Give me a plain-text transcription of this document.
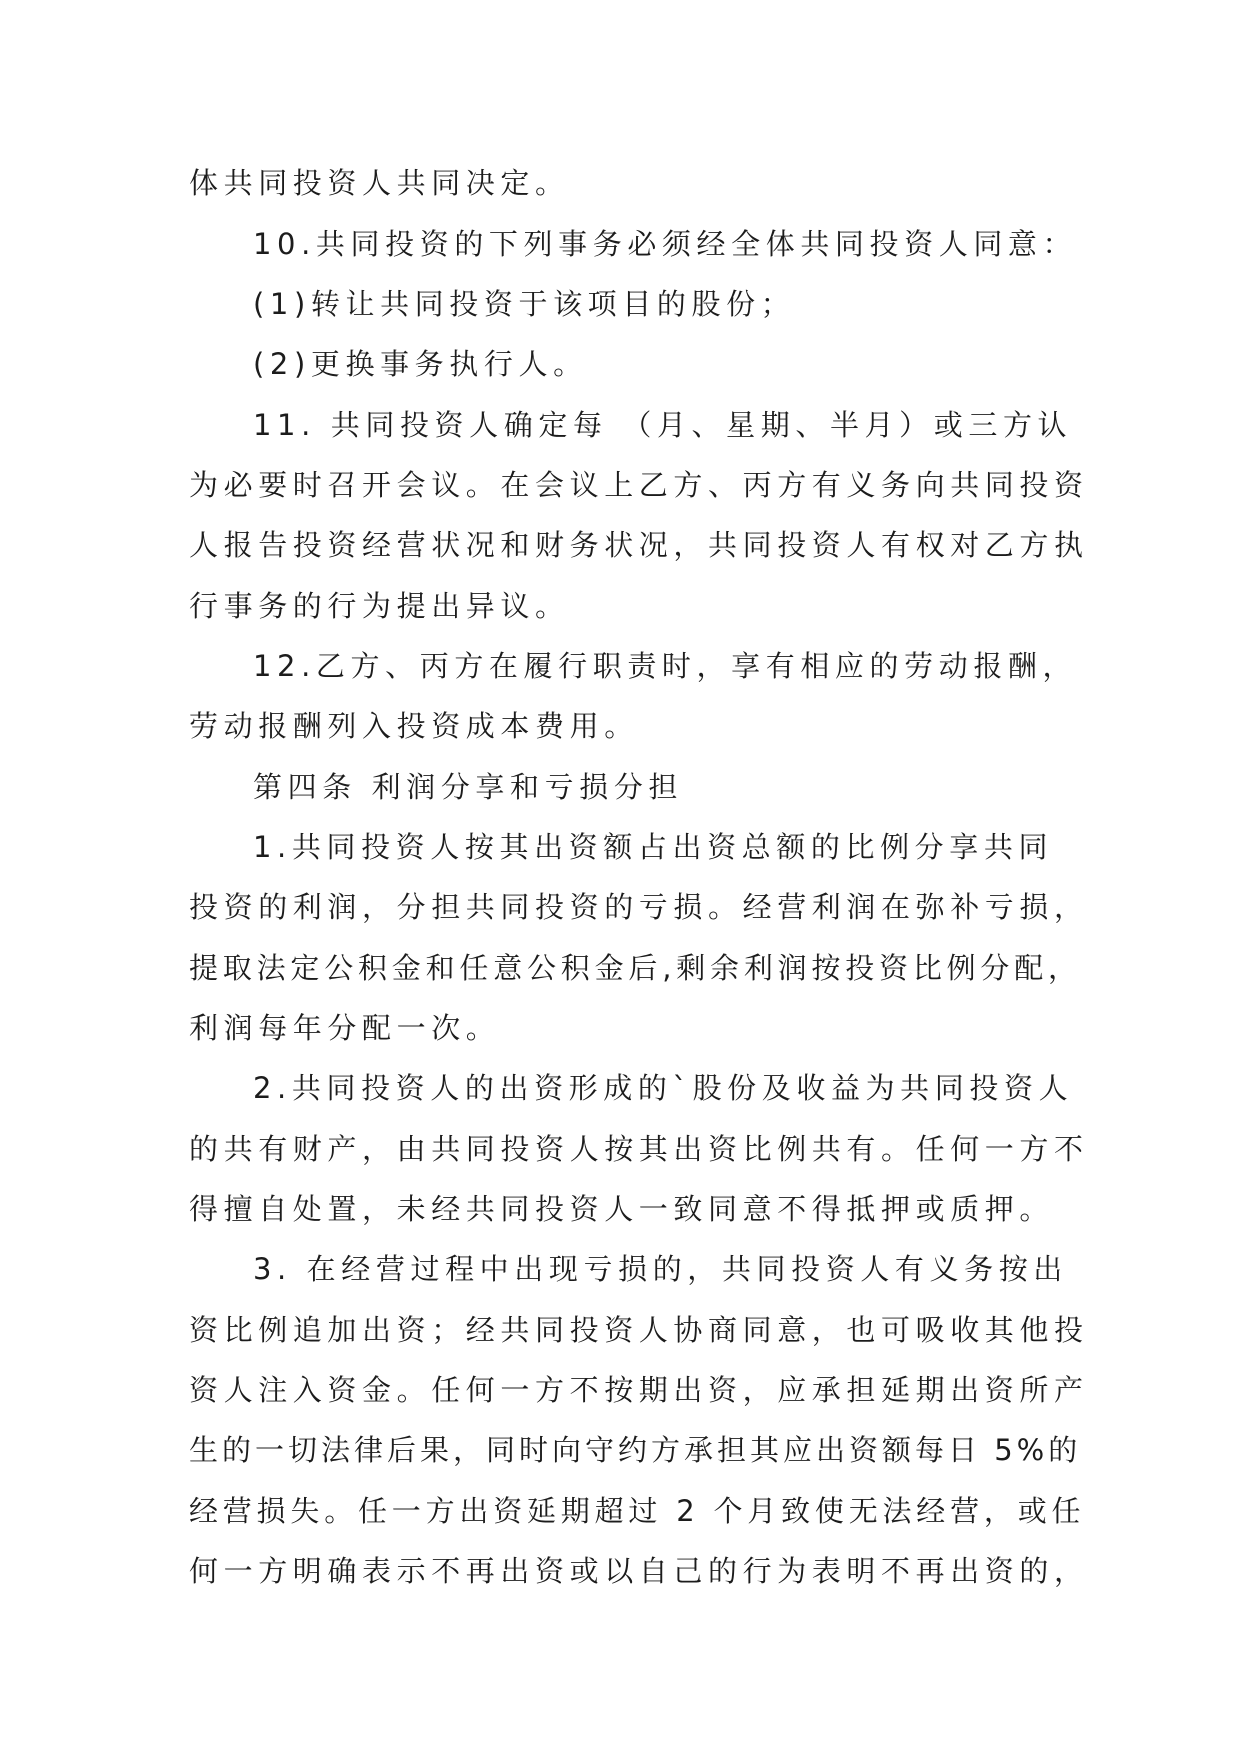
体共同投资人共同决定。
10.共同投资的下列事务必须经全体共同投资人同意：
(1)转让共同投资于该项目的股份；
(2)更换事务执行人。
11. 共同投资人确定每 （月、星期、半月）或三方认
为必要时召开会议。在会议上乙方、丙方有义务向共同投资
人报告投资经营状况和财务状况，共同投资人有权对乙方执
行事务的行为提出异议。
12.乙方、丙方在履行职责时，享有相应的劳动报酬，
劳动报酬列入投资成本费用。
第四条 利润分享和亏损分担
1.共同投资人按其出资额占出资总额的比例分享共同
投资的利润，分担共同投资的亏损。经营利润在弥补亏损，
提取法定公积金和任意公积金后,剩余利润按投资比例分配，
利润每年分配一次。
2.共同投资人的出资形成的`股份及收益为共同投资人
的共有财产，由共同投资人按其出资比例共有。任何一方不
得擅自处置，未经共同投资人一致同意不得抵押或质押。
3. 在经营过程中出现亏损的，共同投资人有义务按出
资比例追加出资；经共同投资人协商同意，也可吸收其他投
资人注入资金。任何一方不按期出资，应承担延期出资所产
生的一切法律后果，同时向守约方承担其应出资额每日 5%的
经营损失。任一方出资延期超过 2 个月致使无法经营，或任
何一方明确表示不再出资或以自己的行为表明不再出资的，
